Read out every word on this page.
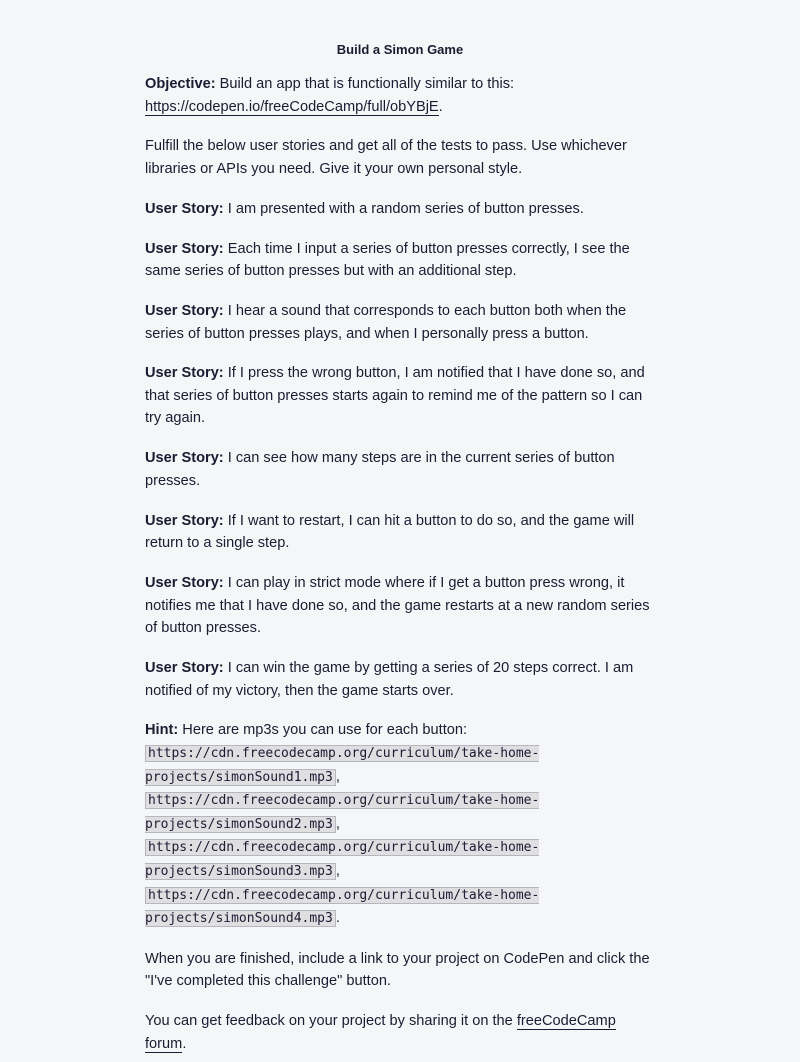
Build a Simon Game

Objective: Build an app that is functionally similar to this:
https://codepen.io/freeCodeCamp/full/obYBjE.

Fulfill the below user stories and get all of the tests to pass. Use whichever libraries or APIs you need. Give it your own personal style.

User Story: I am presented with a random series of button presses.

User Story: Each time I input a series of button presses correctly, I see the same series of button presses but with an additional step.

User Story: I hear a sound that corresponds to each button both when the series of button presses plays, and when I personally press a button.

User Story: If I press the wrong button, I am notified that I have done so, and that series of button presses starts again to remind me of the pattern so I can try again.

User Story: I can see how many steps are in the current series of button presses.

User Story: If I want to restart, I can hit a button to do so, and the game will return to a single step.

User Story: I can play in strict mode where if I get a button press wrong, it notifies me that I have done so, and the game restarts at a new random series of button presses.

User Story: I can win the game by getting a series of 20 steps correct. I am notified of my victory, then the game starts over.

Hint: Here are mp3s you can use for each button:
https://cdn.freecodecamp.org/curriculum/take-home-projects/simonSound1.mp3 ,
https://cdn.freecodecamp.org/curriculum/take-home-projects/simonSound2.mp3 ,
https://cdn.freecodecamp.org/curriculum/take-home-projects/simonSound3.mp3 ,
https://cdn.freecodecamp.org/curriculum/take-home-projects/simonSound4.mp3 .

When you are finished, include a link to your project on CodePen and click the "I've completed this challenge" button.

You can get feedback on your project by sharing it on the freeCodeCamp forum.
